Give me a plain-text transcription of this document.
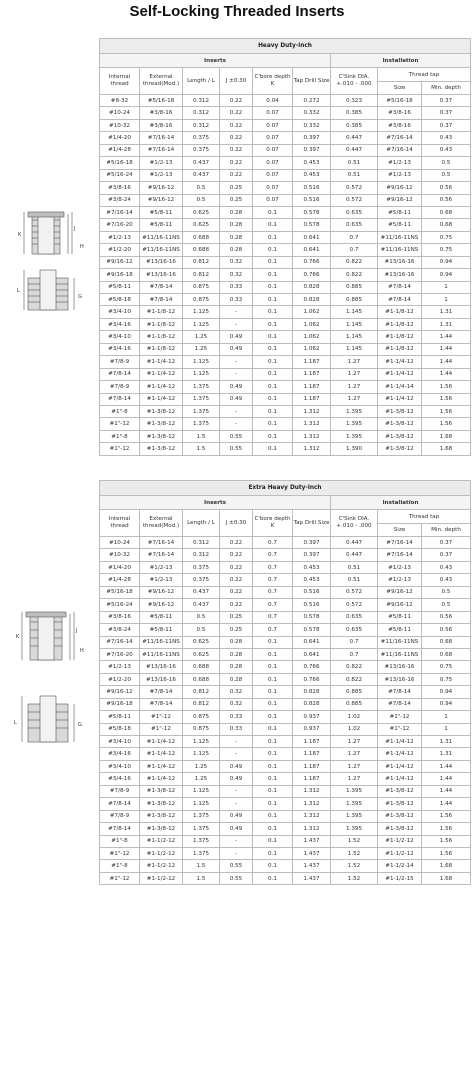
Self-Locking Threaded Inserts
K
J
H
L
G
K
J
H
L	G
Heavy Duty-inch								
Inserts						Installation		
Internal thread	External thread(Mod.)	Length / L	J ±0.30	C'bore depth K	Tap Drill Size	C'Sink DIA. +.010 - .000	Thread tap	
							Size	Min. depth
#8-32	#5/16-18	0.312	0.22	0.04	0.272	0.323	#5/16-18	0.37
#10-24	#3/8-16	0.312	0.22	0.07	0.332	0.385	#3/8-16	0.37
#10-32	#3/8-16	0.312	0.22	0.07	0.332	0.385	#3/8-16	0.37
#1/4-20	#7/16-14	0.375	0.22	0.07	0.397	0.447	#7/16-14	0.43
#1/4-28	#7/16-14	0.375	0.22	0.07	0.397	0.447	#7/16-14	0.43
#5/16-18	#1/2-13	0.437	0.22	0.07	0.453	0.51	#1/2-13	0.5
#5/16-24	#1/2-13	0.437	0.22	0.07	0.453	0.51	#1/2-13	0.5
#3/8-16	#9/16-12	0.5	0.25	0.07	0.516	0.572	#9/16-12	0.56
#3/8-24	#9/16-12	0.5	0.25	0.07	0.516	0.572	#9/16-12	0.56
#7/16-14	#5/8-11	0.625	0.28	0.1	0.578	0.635	#5/8-11	0.68
#7/16-20	#5/8-11	0.625	0.28	0.1	0.578	0.635	#5/8-11	0.68
#1/2-13	#11/16-11NS	0.688	0.28	0.1	0.641	0.7	#11/16-11NS	0.75
#1/2-20	#11/16-11NS	0.688	0.28	0.1	0.641	0.7	#11/16-11NS	0.75
#9/16-12	#13/16-16	0.812	0.32	0.1	0.766	0.822	#13/16-16	0.94
#9/16-18	#13/16-16	0.812	0.32	0.1	0.766	0.822	#13/16-16	0.94
#5/8-11	#7/8-14	0.875	0.33	0.1	0.828	0.885	#7/8-14	1
#5/8-18	#7/8-14	0.875	0.33	0.1	0.828	0.885	#7/8-14	1
#3/4-10	#1-1/8-12	1.125	-	0.1	1.062	1.145	#1-1/8-12	1.31
#3/4-16	#1-1/8-12	1.125	-	0.1	1.062	1.145	#1-1/8-12	1.31
#3/4-10	#1-1/8-12	1.25	0.49	0.1	1.062	1.145	#1-1/8-12	1.44
#3/4-16	#1-1/8-12	1.25	0.49	0.1	1.062	1.145	#1-1/8-12	1.44
#7/8-9	#1-1/4-12	1.125	-	0.1	1.187	1.27	#1-1/4-12	1.44
#7/8-14	#1-1/4-12	1.125	-	0.1	1.187	1.27	#1-1/4-12	1.44
#7/8-9	#1-1/4-12	1.375	0.49	0.1	1.187	1.27	#1-1/4-14	1.56
#7/8-14	#1-1/4-12	1.375	0.49	0.1	1.187	1.27	#1-1/4-12	1.56
#1"-8	#1-3/8-12	1.375	-	0.1	1.312	1.395	#1-3/8-12	1.56
#1"-12	#1-3/8-12	1.375	-	0.1	1.312	1.395	#1-3/8-12	1.56
#1"-8	#1-3/8-12	1.5	0.55	0.1	1.312	1.395	#1-3/8-12	1.68
#1"-12	#1-3/8-12	1.5	0.55	0.1	1.312	1.390	#1-3/8-12	1.68
Extra Heavy Duty-inch								
Inserts						Installation		
Internal thread	External thread(Mod.)	Length / L	J ±0.30	C'bore depth K	Tap Drill Size	C'Sink DIA. +.010 - .000	Thread tap	
							Size	Min. depth
#10-24	#7/16-14	0.312	0.22	0.7	0.397	0.447	#7/16-14	0.37
#10-32	#7/16-14	0.312	0.22	0.7	0.397	0.447	#7/16-14	0.37
#1/4-20	#1/2-13	0.375	0.22	0.7	0.453	0.51	#1/2-13	0.43
#1/4-28	#1/2-13	0.375	0.22	0.7	0.453	0.51	#1/2-13	0.43
#5/16-18	#9/16-12	0.437	0.22	0.7	0.516	0.572	#9/16-12	0.5
#5/16-24	#9/16-12	0.437	0.22	0.7	0.516	0.572	#9/16-12	0.5
#3/8-16	#5/8-11	0.5	0.25	0.7	0.578	0.635	#5/8-11	0.56
#3/8-24	#5/8-11	0.5	0.25	0.7	0.578	0.635	#5/8-11	0.56
#7/16-14	#11/16-11NS	0.625	0.28	0.1	0.641	0.7	#11/16-11NS	0.68
#7/16-20	#11/16-11NS	0.625	0.28	0.1	0.641	0.7	#11/16-11NS	0.68
#1/2-13	#13/16-16	0.688	0.28	0.1	0.766	0.822	#13/16-16	0.75
#1/2-20	#13/16-16	0.688	0.28	0.1	0.766	0.822	#13/16-16	0.75
#9/16-12	#7/8-14	0.812	0.32	0.1	0.828	0.885	#7/8-14	0.94
#9/16-18	#7/8-14	0.812	0.32	0.1	0.828	0.885	#7/8-14	0.94
#5/8-11	#1"-12	0.875	0.33	0.1	0.937	1.02	#1"-12	1
#5/8-18	#1"-12	0.875	0.33	0.1	0.937	1.02	#1"-12	1
#3/4-10	#1-1/4-12	1.125	-	0.1	1.187	1.27	#1-1/4-12	1.31
#3/4-16	#1-1/4-12	1.125	-	0.1	1.187	1.27	#1-1/4-12	1.31
#3/4-10	#1-1/4-12	1.25	0.49	0.1	1.187	1.27	#1-1/4-12	1.44
#3/4-16	#1-1/4-12	1.25	0.49	0.1	1.187	1.27	#1-1/4-12	1.44
#7/8-9	#1-3/8-12	1.125	-	0.1	1.312	1.395	#1-3/8-12	1.44
#7/8-14	#1-3/8-12	1.125	-	0.1	1.312	1.395	#1-3/8-12	1.44
#7/8-9	#1-3/8-12	1.375	0.49	0.1	1.312	1.395	#1-3/8-12	1.56
#7/8-14	#1-3/8-12	1.375	0.49	0.1	1.312	1.395	#1-3/8-12	1.56
#1"-8	#1-1/2-12	1.375	-	0.1	1.437	1.52	#1-1/2-12	1.56
#1"-12	#1-1/2-12	1.375	-	0.1	1.437	1.52	#1-1/2-12	1.56
#1"-8	#1-1/2-12	1.5	0.55	0.1	1.437	1.52	#1-1/2-14	1.68
#1"-12	#1-1/2-12	1.5	0.55	0.1	1.437	1.52	#1-1/2-15	1.68
